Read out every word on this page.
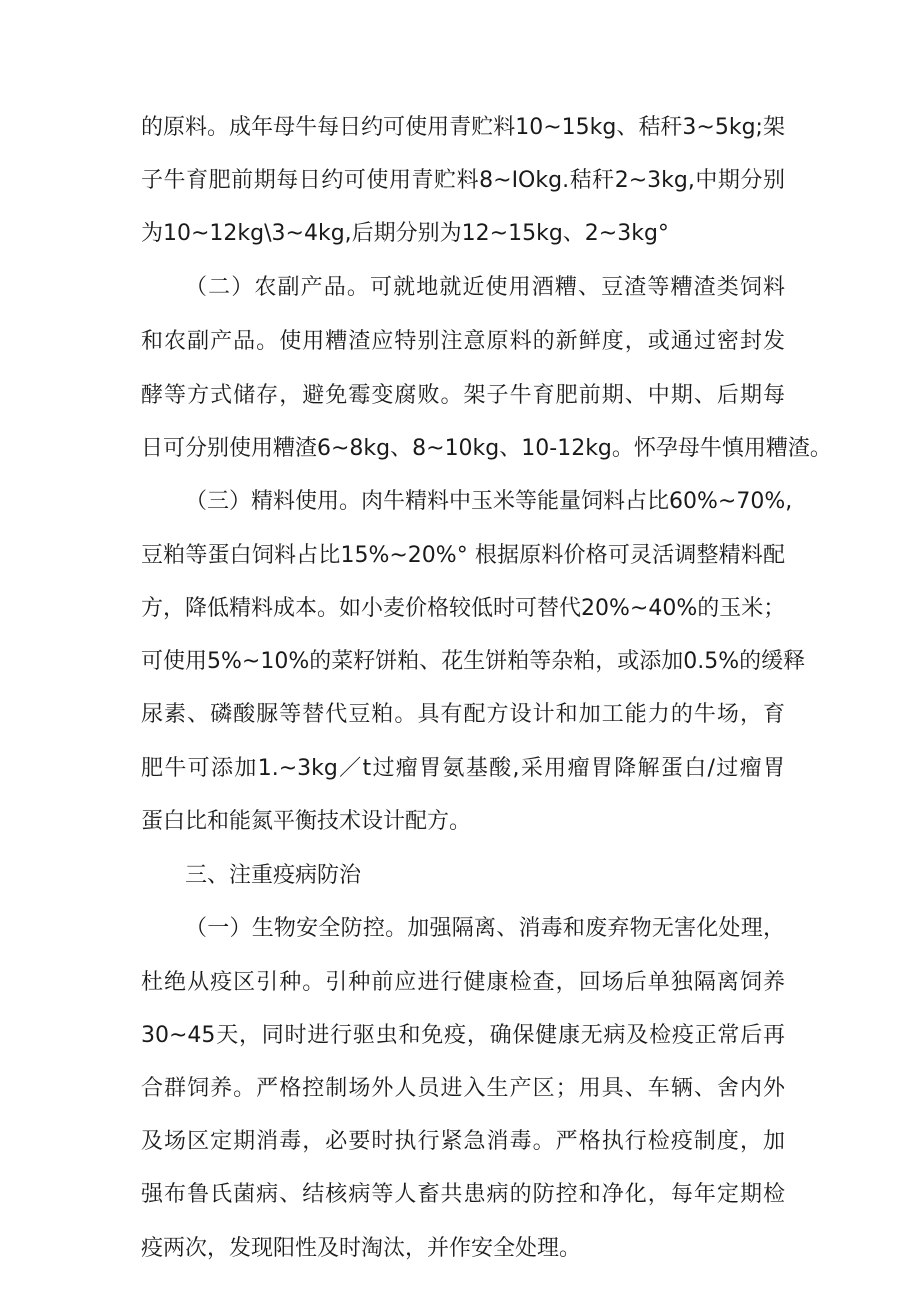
的原料。成年母牛每日约可使用青贮料10~15kg、秸秆3~5kg;架
子牛育肥前期每日约可使用青贮料8~IOkg.秸秆2~3kg,中期分别
为10~12kg\3~4kg,后期分别为12~15kg、2~3kg°
（二）农副产品。可就地就近使用酒糟、豆渣等糟渣类饲料
和农副产品。使用糟渣应特别注意原料的新鲜度，或通过密封发
酵等方式储存，避免霉变腐败。架子牛育肥前期、中期、后期每
日可分别使用糟渣6~8kg、8~10kg、10-12kg。怀孕母牛慎用糟渣。
（三）精料使用。肉牛精料中玉米等能量饲料占比60%~70%,
豆粕等蛋白饲料占比15%~20%° 根据原料价格可灵活调整精料配
方，降低精料成本。如小麦价格较低时可替代20%~40%的玉米；
可使用5%~10%的菜籽饼粕、花生饼粕等杂粕，或添加0.5%的缓释
尿素、磷酸脲等替代豆粕。具有配方设计和加工能力的牛场，育
肥牛可添加1.~3kg／t过瘤胃氨基酸,采用瘤胃降解蛋白/过瘤胃
蛋白比和能氮平衡技术设计配方。
三、注重疫病防治
（一）生物安全防控。加强隔离、消毒和废弃物无害化处理，
杜绝从疫区引种。引种前应进行健康检查，回场后单独隔离饲养
30~45天，同时进行驱虫和免疫，确保健康无病及检疫正常后再
合群饲养。严格控制场外人员进入生产区；用具、车辆、舍内外
及场区定期消毒，必要时执行紧急消毒。严格执行检疫制度，加
强布鲁氏菌病、结核病等人畜共患病的防控和净化，每年定期检
疫两次，发现阳性及时淘汰，并作安全处理。
